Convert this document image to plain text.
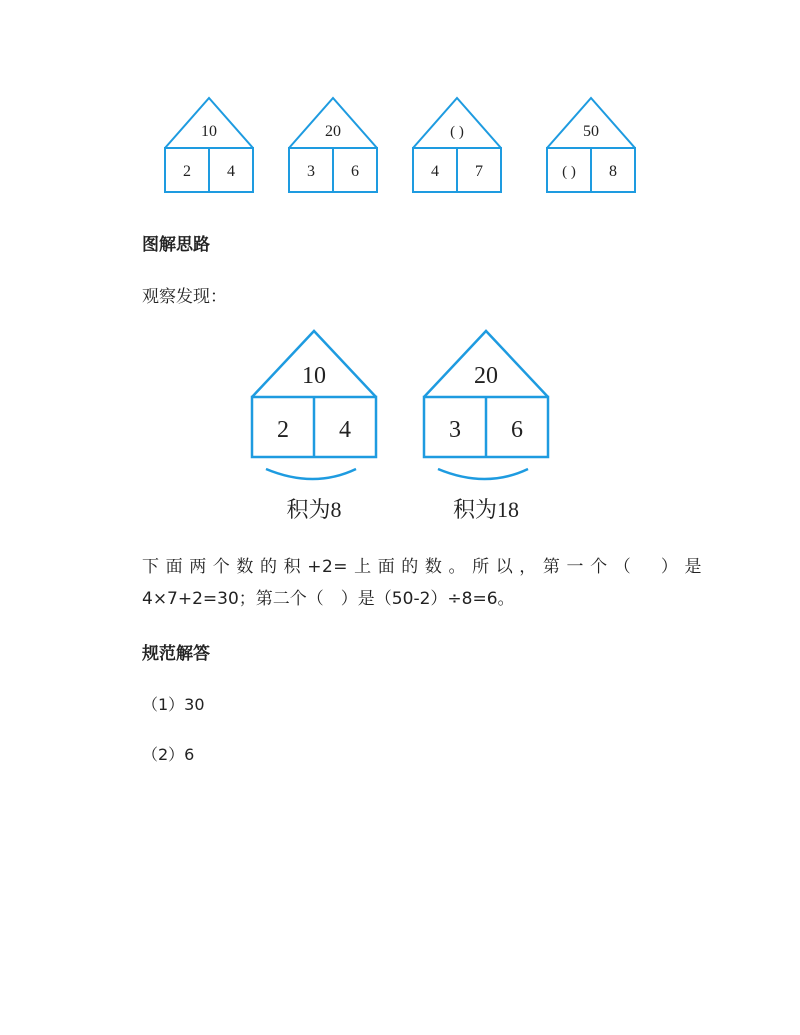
10
2 4
20
3 6
( )
4 7
50
( ) 8
图解思路
观察发现：
10
2 4
积为8
20
3 6
积为18
下面两个数的积+2=上面的数。所以，第一个（　）是
4×7+2=30；第二个（　）是（50-2）÷8=6。
规范解答
（1）30
（2）6
